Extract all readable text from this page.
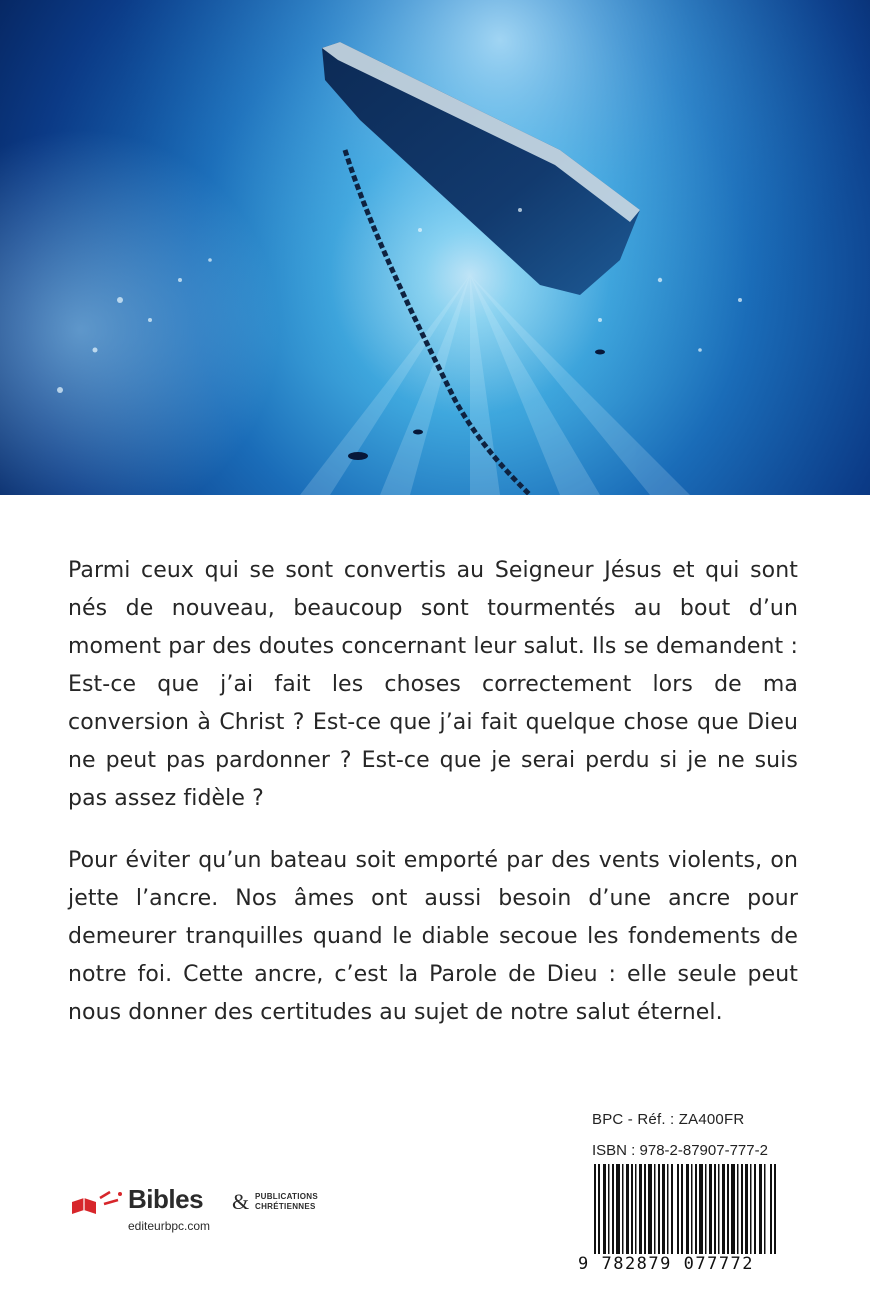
Parmi ceux qui se sont convertis au Seigneur Jésus et qui sont nés de nouveau, beaucoup sont tourmentés au bout d’un moment par des doutes concernant leur salut. Ils se demandent : Est-ce que j’ai fait les choses correctement lors de ma conversion à Christ ? Est-ce que j’ai fait quelque chose que Dieu ne peut pas pardonner ? Est-ce que je serai perdu si je ne suis pas assez fidèle ?

Pour éviter qu’un bateau soit emporté par des vents violents, on jette l’ancre. Nos âmes ont aussi besoin d’une ancre pour demeurer tranquilles quand le diable secoue les fondements de notre foi. Cette ancre, c’est la Parole de Dieu : elle seule peut nous donner des certitudes au sujet de notre salut éternel.

Bibles & PUBLICATIONS
CHRÉTIENNES
editeurbpc.com
BPC - Réf. : ZA400FR
ISBN : 978-2-87907-777-2
9 782879 077772
